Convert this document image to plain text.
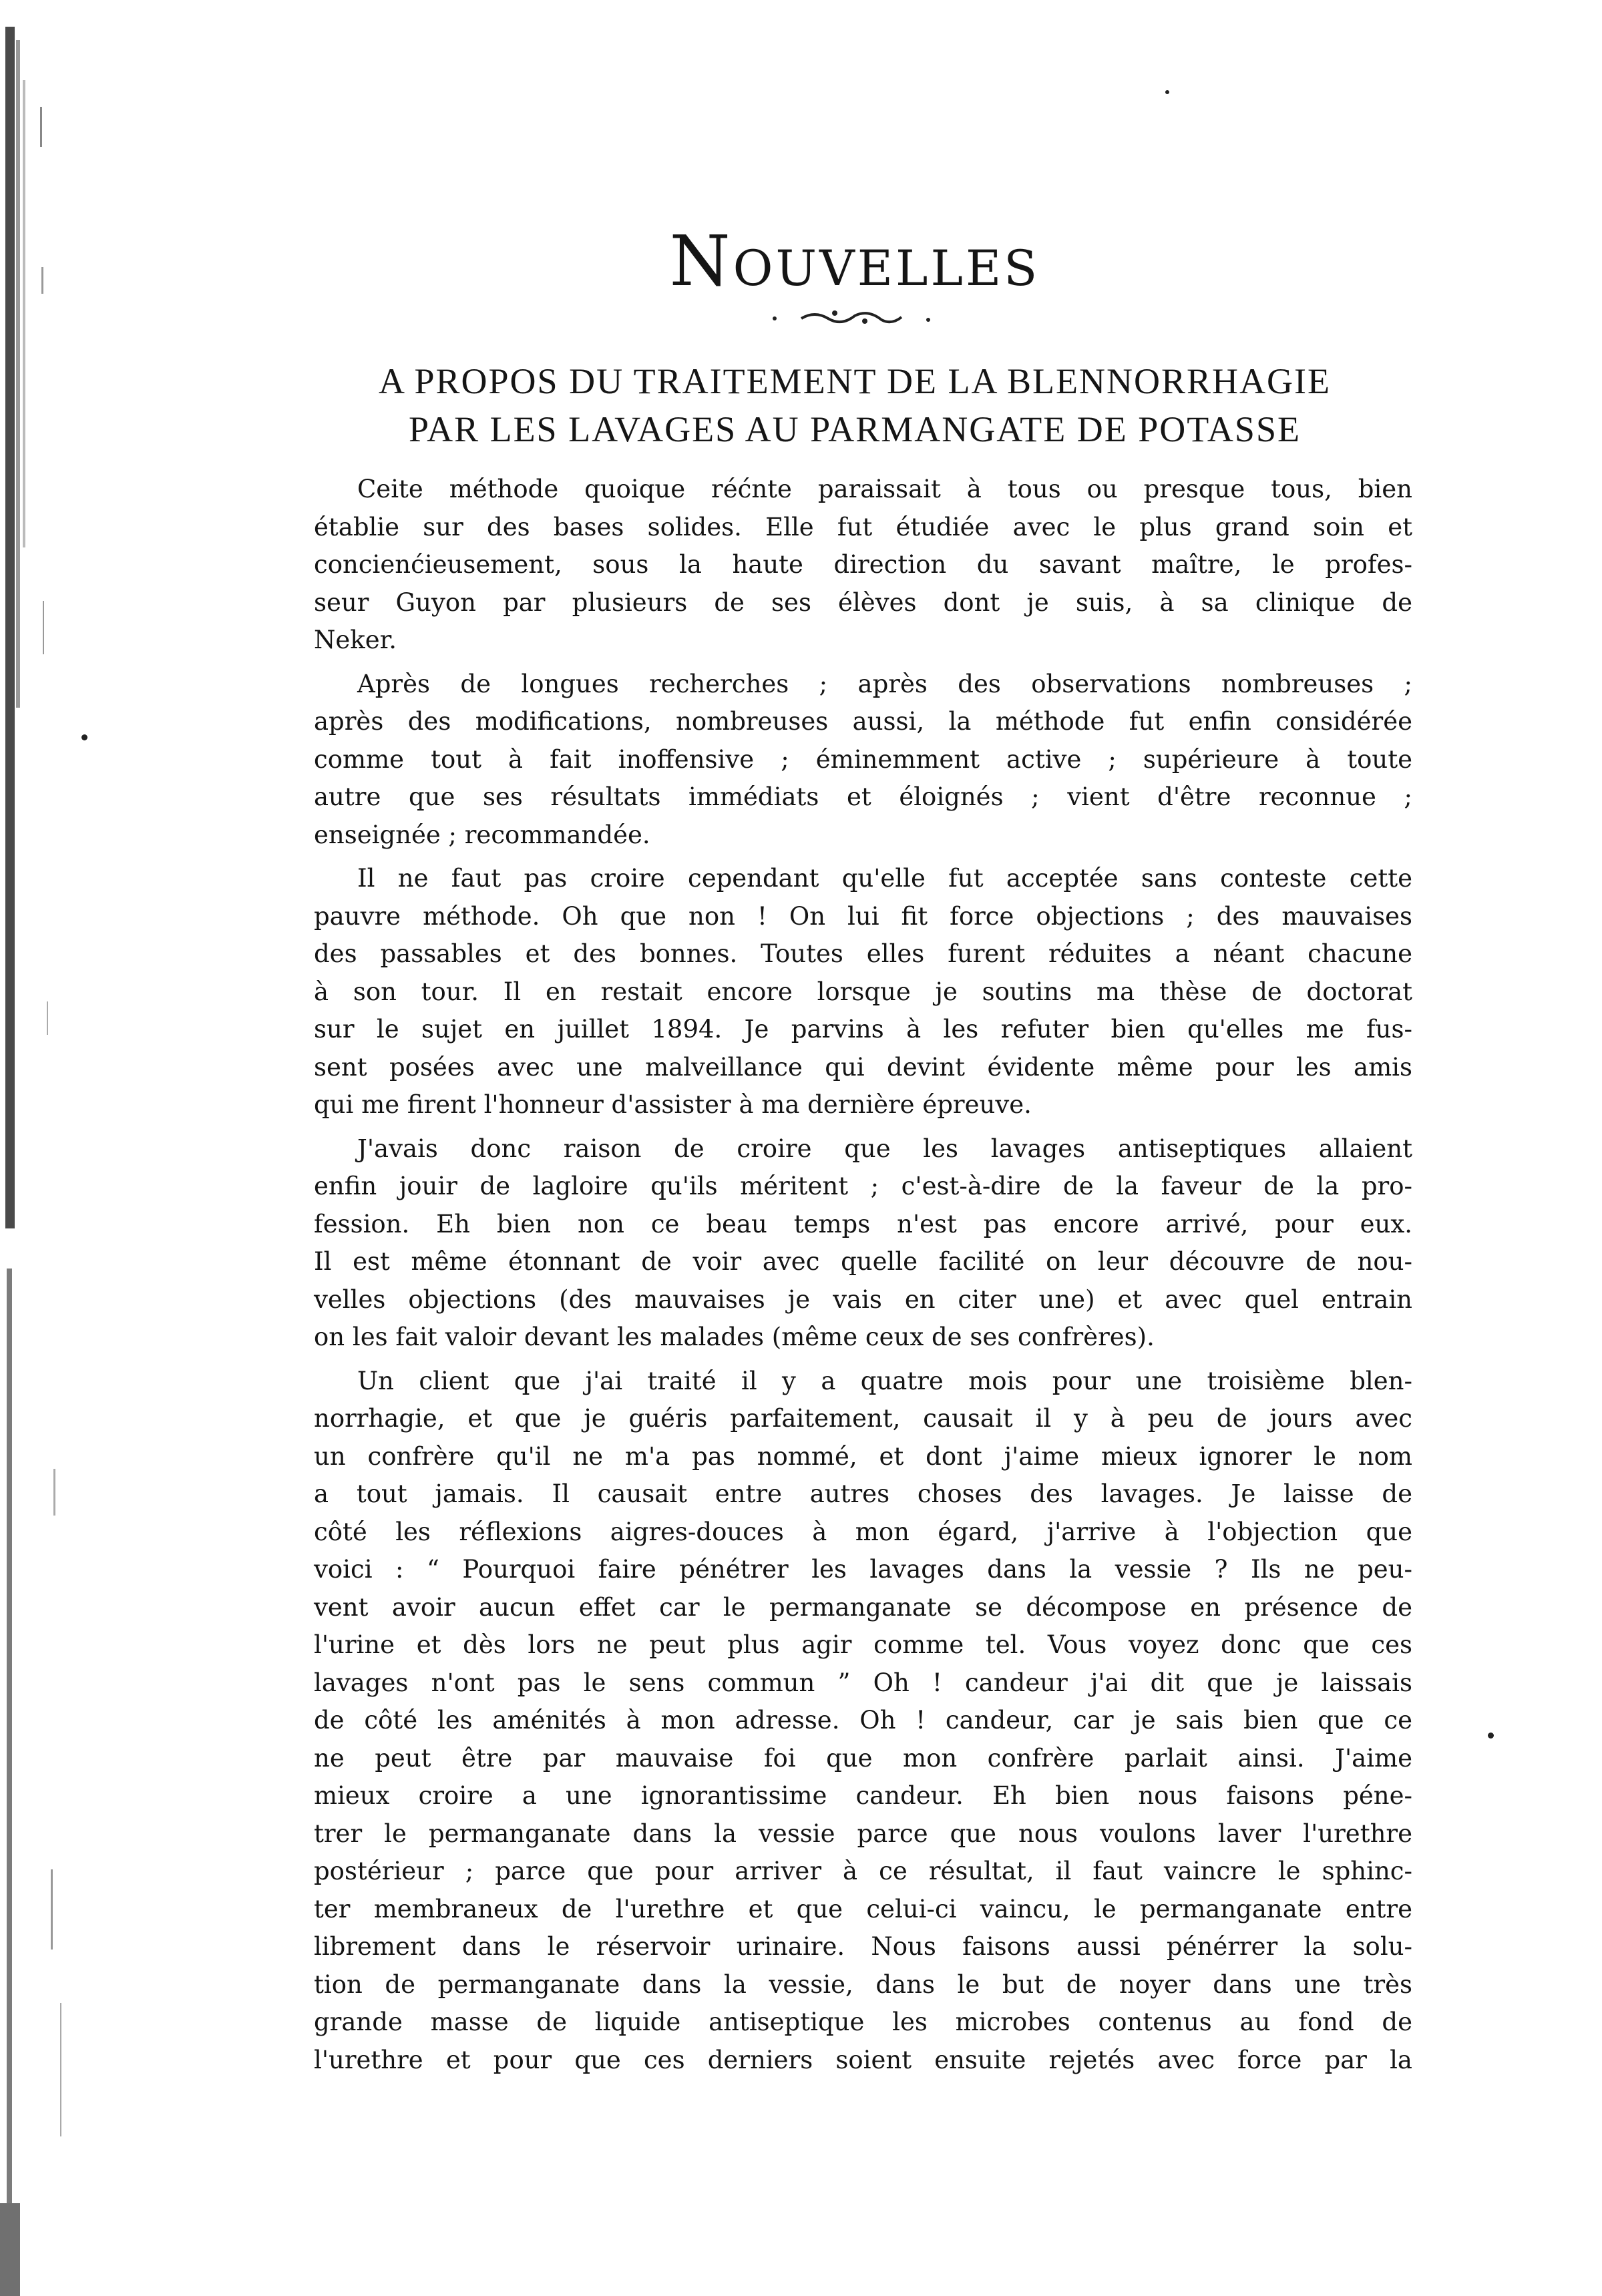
Nouvelles
A PROPOS DU TRAITEMENT DE LA BLENNORRHAGIE
PAR LES LAVAGES AU PARMANGATE DE POTASSE
Ceite méthode quoique réćnte paraissait à tous ou presque tous, bien
établie sur des bases solides. Elle fut étudiée avec le plus grand soin et
concienćieusement, sous la haute direction du savant maître, le profes-
seur Guyon par plusieurs de ses élèves dont je suis, à sa clinique de
Neker.
Après de longues recherches ; après des observations nombreuses ;
après des modifications, nombreuses aussi, la méthode fut enfin considérée
comme tout à fait inoffensive ; éminemment active ; supérieure à toute
autre que ses résultats immédiats et éloignés ; vient d'être reconnue ;
enseignée ; recommandée.
Il ne faut pas croire cependant qu'elle fut acceptée sans conteste cette
pauvre méthode. Oh que non ! On lui fit force objections ; des mauvaises
des passables et des bonnes. Toutes elles furent réduites a néant chacune
à son tour. Il en restait encore lorsque je soutins ma thèse de doctorat
sur le sujet en juillet 1894. Je parvins à les refuter bien qu'elles me fus-
sent posées avec une malveillance qui devint évidente même pour les amis
qui me firent l'honneur d'assister à ma dernière épreuve.
J'avais donc raison de croire que les lavages antiseptiques allaient
enfin jouir de lagloire qu'ils méritent ; c'est-à-dire de la faveur de la pro-
fession. Eh bien non ce beau temps n'est pas encore arrivé, pour eux.
Il est même étonnant de voir avec quelle facilité on leur découvre de nou-
velles objections (des mauvaises je vais en citer une) et avec quel entrain
on les fait valoir devant les malades (même ceux de ses confrères).
Un client que j'ai traité il y a quatre mois pour une troisième blen-
norrhagie, et que je guéris parfaitement, causait il y à peu de jours avec
un confrère qu'il ne m'a pas nommé, et dont j'aime mieux ignorer le nom
a tout jamais. Il causait entre autres choses des lavages. Je laisse de
côté les réflexions aigres-douces à mon égard, j'arrive à l'objection que
voici : “ Pourquoi faire pénétrer les lavages dans la vessie ? Ils ne peu-
vent avoir aucun effet car le permanganate se décompose en présence de
l'urine et dès lors ne peut plus agir comme tel. Vous voyez donc que ces
lavages n'ont pas le sens commun ” Oh ! candeur j'ai dit que je laissais
de côté les aménités à mon adresse. Oh ! candeur, car je sais bien que ce
ne peut être par mauvaise foi que mon confrère parlait ainsi. J'aime
mieux croire a une ignorantissime candeur. Eh bien nous faisons péne-
trer le permanganate dans la vessie parce que nous voulons laver l'urethre
postérieur ; parce que pour arriver à ce résultat, il faut vaincre le sphinc-
ter membraneux de l'urethre et que celui-ci vaincu, le permanganate entre
librement dans le réservoir urinaire. Nous faisons aussi pénérrer la solu-
tion de permanganate dans la vessie, dans le but de noyer dans une très
grande masse de liquide antiseptique les microbes contenus au fond de
l'urethre et pour que ces derniers soient ensuite rejetés avec force par la
